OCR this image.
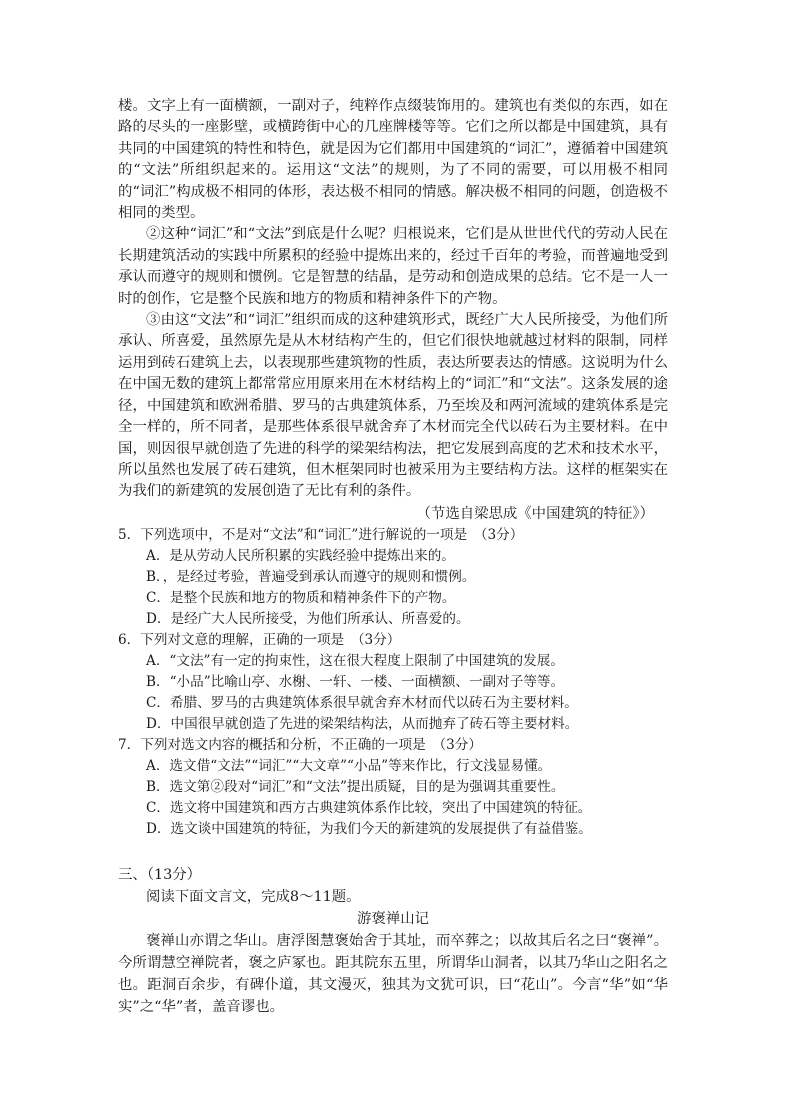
楼。文字上有一面横额，一副对子，纯粹作点缀装饰用的。建筑也有类似的东西，如在路的尽头的一座影壁，或横跨街中心的几座牌楼等等。它们之所以都是中国建筑，具有共同的中国建筑的特性和特色，就是因为它们都用中国建筑的“词汇”，遵循着中国建筑的“文法”所组织起来的。运用这“文法”的规则，为了不同的需要，可以用极不相同的“词汇”构成极不相同的体形，表达极不相同的情感。解决极不相同的问题，创造极不相同的类型。

②这种“词汇”和“文法”到底是什么呢？归根说来，它们是从世世代代的劳动人民在长期建筑活动的实践中所累积的经验中提炼出来的，经过千百年的考验，而普遍地受到承认而遵守的规则和惯例。它是智慧的结晶，是劳动和创造成果的总结。它不是一人一时的创作，它是整个民族和地方的物质和精神条件下的产物。

③由这“文法”和“词汇”组织而成的这种建筑形式，既经广大人民所接受，为他们所承认、所喜爱，虽然原先是从木材结构产生的，但它们很快地就越过材料的限制，同样运用到砖石建筑上去，以表现那些建筑物的性质，表达所要表达的情感。这说明为什么在中国无数的建筑上都常常应用原来用在木材结构上的“词汇”和“文法”。这条发展的途径，中国建筑和欧洲希腊、罗马的古典建筑体系，乃至埃及和两河流域的建筑体系是完全一样的，所不同者，是那些体系很早就舍弃了木材而完全代以砖石为主要材料。在中国，则因很早就创造了先进的科学的梁架结构法，把它发展到高度的艺术和技术水平，所以虽然也发展了砖石建筑，但木框架同时也被采用为主要结构方法。这样的框架实在为我们的新建筑的发展创造了无比有利的条件。

（节选自梁思成《中国建筑的特征》）

5．下列选项中，不是对“文法”和“词汇”进行解说的一项是　（3分）

A．是从劳动人民所积累的实践经验中提炼出来的。

B．，是经过考验，普遍受到承认而遵守的规则和惯例。

C．是整个民族和地方的物质和精神条件下的产物。

D．是经广大人民所接受，为他们所承认、所喜爱的。

6．下列对文意的理解，正确的一项是　（3分）

A．“文法”有一定的拘束性，这在很大程度上限制了中国建筑的发展。

B．“小品”比喻山亭、水榭、一轩、一楼、一面横额、一副对子等等。

C．希腊、罗马的古典建筑体系很早就舍弃木材而代以砖石为主要材料。

D．中国很早就创造了先进的梁架结构法，从而抛弃了砖石等主要材料。

7．下列对选文内容的概括和分析，不正确的一项是　（3分）

A．选文借“文法”“词汇”“大文章”“小品”等来作比，行文浅显易懂。

B．选文第②段对“词汇”和“文法”提出质疑，目的是为强调其重要性。

C．选文将中国建筑和西方古典建筑体系作比较，突出了中国建筑的特征。

D．选文谈中国建筑的特征，为我们今天的新建筑的发展提供了有益借鉴。

三、（13分）

阅读下面文言文，完成8～11题。

游褒禅山记

褒禅山亦谓之华山。唐浮图慧褒始舍于其址，而卒葬之；以故其后名之曰“褒禅”。今所谓慧空禅院者，褒之庐冢也。距其院东五里，所谓华山洞者，以其乃华山之阳名之也。距洞百余步，有碑仆道，其文漫灭，独其为文犹可识，曰“花山”。今言“华”如“华实”之“华”者，盖音谬也。
